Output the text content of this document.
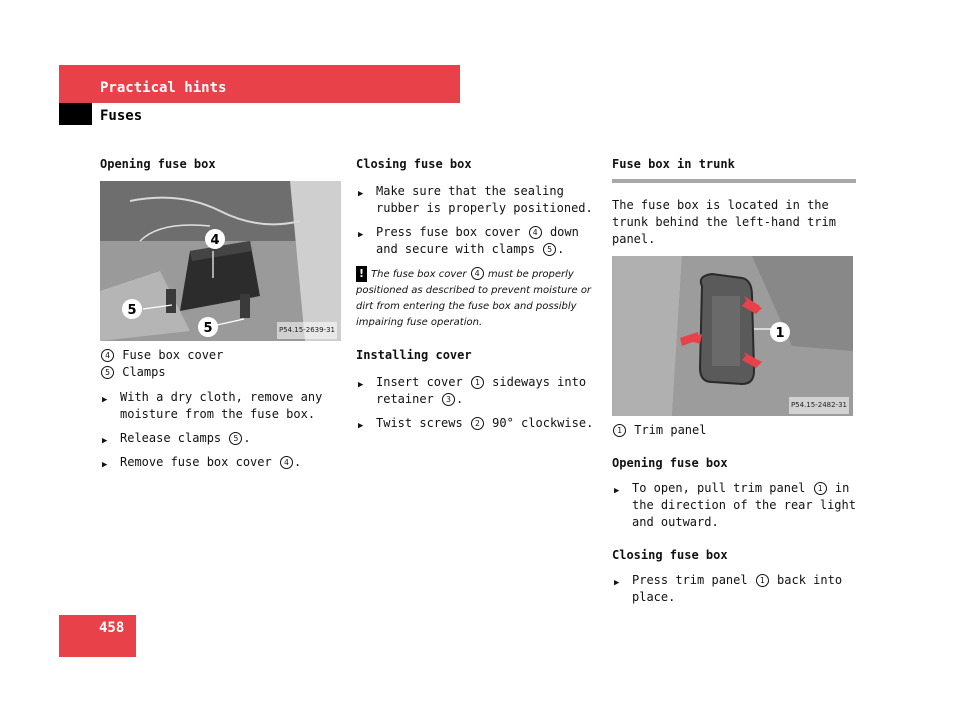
Practical hints
Fuses

Opening fuse box

4
5
5	P54.15-2639-31

4 Fuse box cover

5 Clamps

▶ With a dry cloth, remove any moisture from the fuse box.
▶ Release clamps 5 .
▶ Remove fuse box cover 4 .

Closing fuse box

▶ Make sure that the sealing rubber is properly positioned.
▶ Press fuse box cover 4 down and secure with clamps 5 .

! The fuse box cover 4 must be properly positioned as described to prevent moisture or dirt from entering the fuse box and possibly impairing fuse operation.

Installing cover

▶ Insert cover 1 sideways into retainer 3 .
▶ Twist screws 2 90° clockwise.

Fuse box in trunk

The fuse box is located in the trunk behind the left-hand trim panel.

1
P54.15-2482-31

1 Trim panel

Opening fuse box

▶ To open, pull trim panel 1 in the direction of the rear light and outward.

Closing fuse box

▶ Press trim panel 1 back into place.
458
